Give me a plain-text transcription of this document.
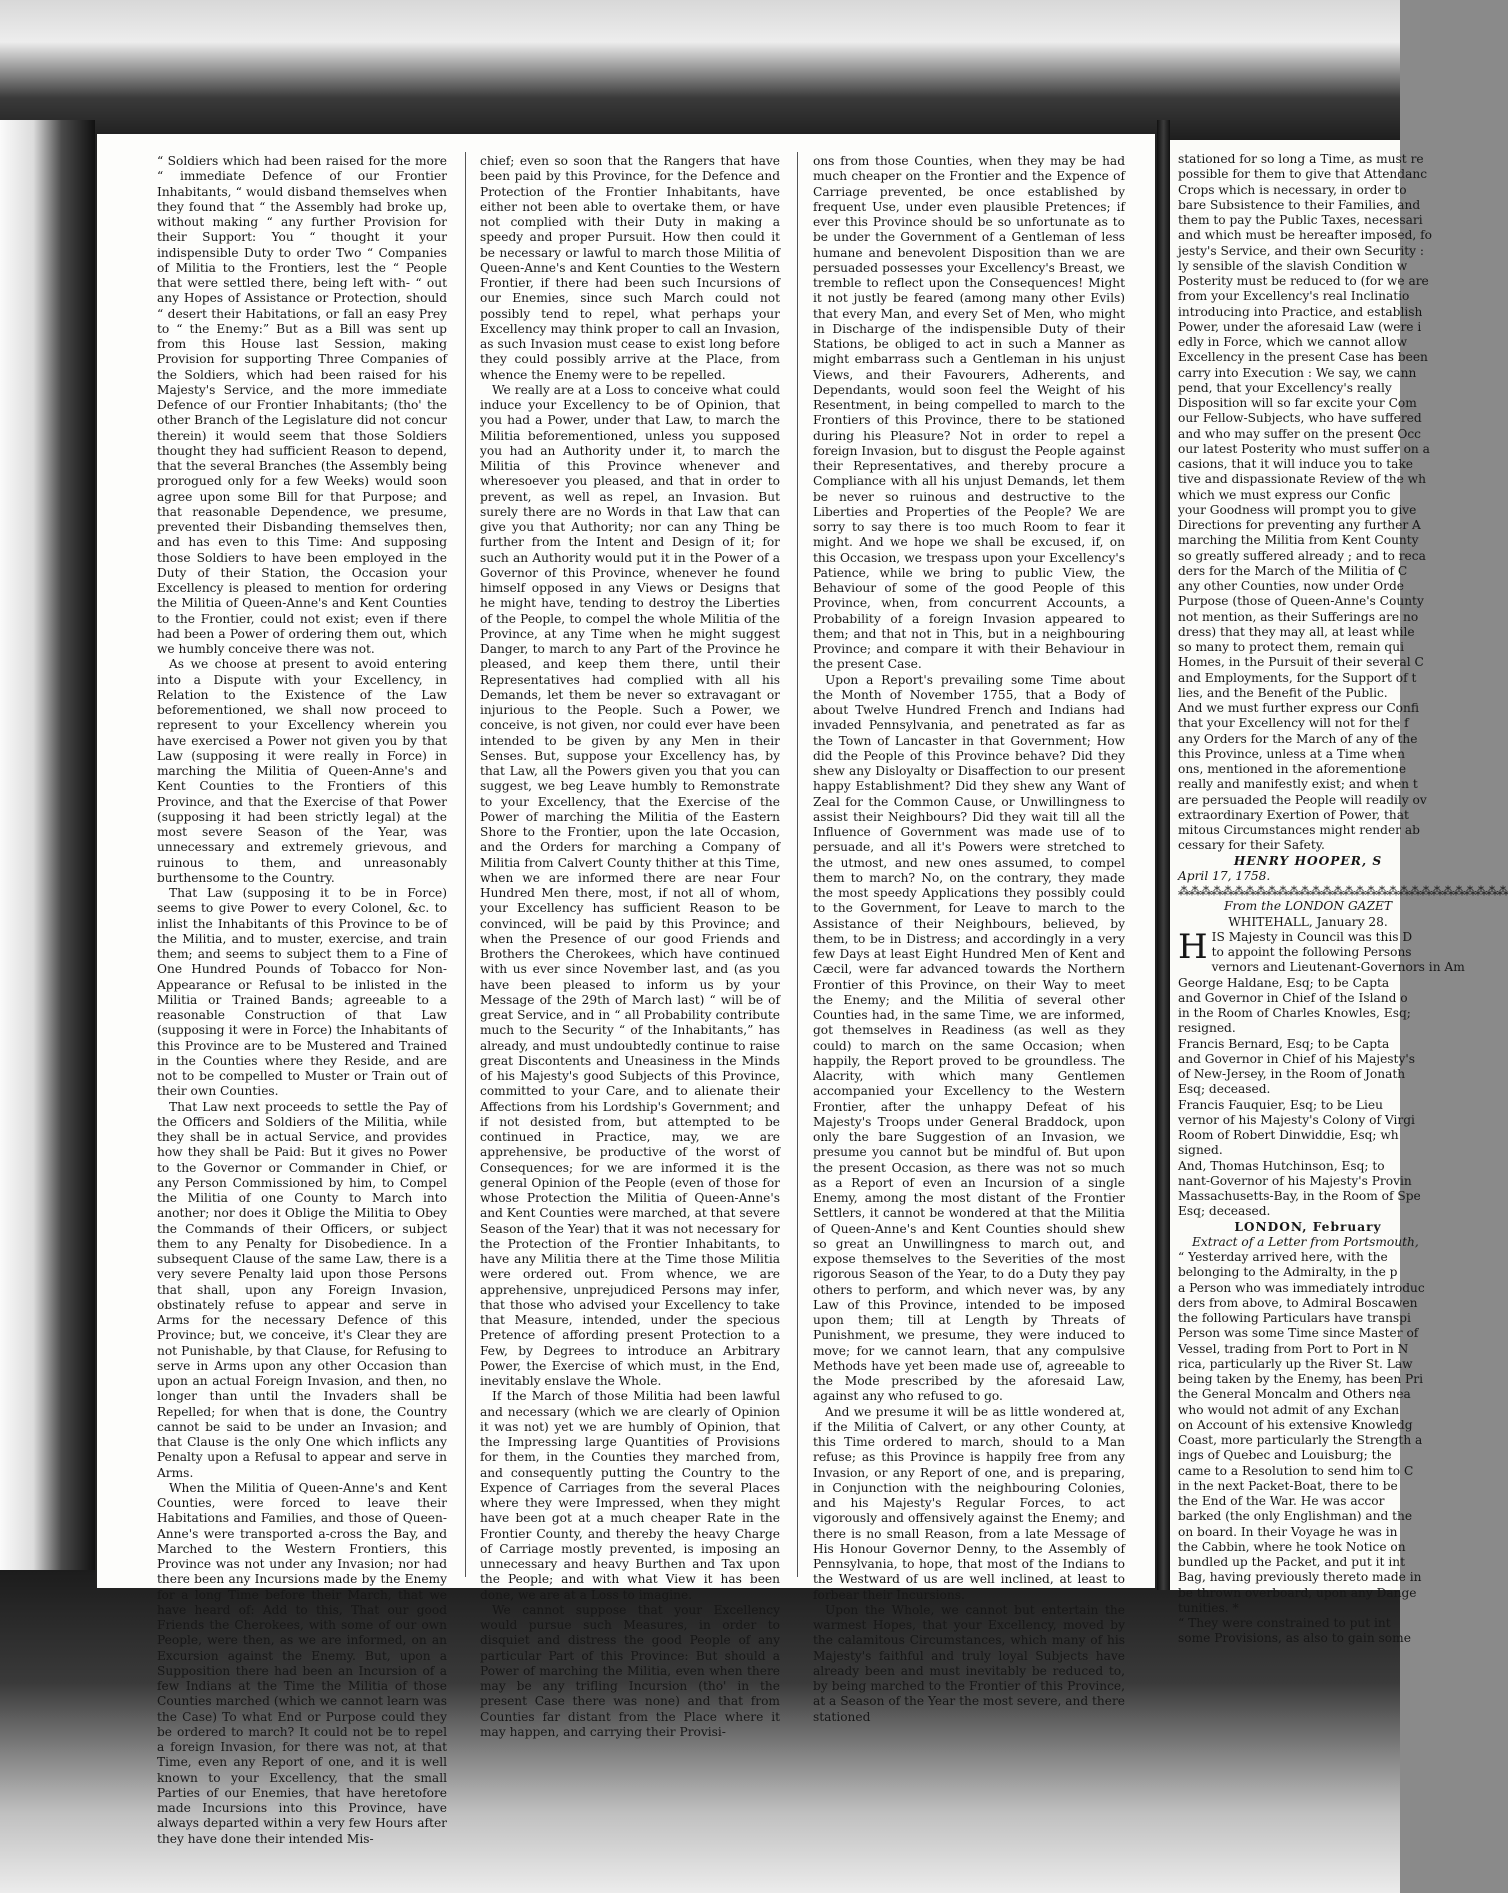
“ Soldiers which had been raised for the more “ immediate Defence of our Frontier Inhabitants, “ would disband themselves when they found that “ the Assembly had broke up, without making “ any further Provision for their Support: You “ thought it your indispensible Duty to order Two “ Companies of Militia to the Frontiers, lest the “ People that were settled there, being left with- “ out any Hopes of Assistance or Protection, should “ desert their Habitations, or fall an easy Prey to “ the Enemy:” But as a Bill was sent up from this House last Session, making Provision for supporting Three Companies of the Soldiers, which had been raised for his Majesty's Service, and the more immediate Defence of our Frontier Inhabitants; (tho' the other Branch of the Legislature did not concur therein) it would seem that those Soldiers thought they had sufficient Reason to depend, that the several Branches (the Assembly being prorogued only for a few Weeks) would soon agree upon some Bill for that Purpose; and that reasonable Dependence, we presume, prevented their Disbanding themselves then, and has even to this Time: And supposing those Soldiers to have been employed in the Duty of their Station, the Occasion your Excellency is pleased to mention for ordering the Militia of Queen-Anne's and Kent Counties to the Frontier, could not exist; even if there had been a Power of ordering them out, which we humbly conceive there was not.

As we choose at present to avoid entering into a Dispute with your Excellency, in Relation to the Existence of the Law beforementioned, we shall now proceed to represent to your Excellency wherein you have exercised a Power not given you by that Law (supposing it were really in Force) in marching the Militia of Queen-Anne's and Kent Counties to the Frontiers of this Province, and that the Exercise of that Power (supposing it had been strictly legal) at the most severe Season of the Year, was unnecessary and extremely grievous, and ruinous to them, and unreasonably burthensome to the Country.

That Law (supposing it to be in Force) seems to give Power to every Colonel, &c. to inlist the Inhabitants of this Province to be of the Militia, and to muster, exercise, and train them; and seems to subject them to a Fine of One Hundred Pounds of Tobacco for Non-Appearance or Refusal to be inlisted in the Militia or Trained Bands; agreeable to a reasonable Construction of that Law (supposing it were in Force) the Inhabitants of this Province are to be Mustered and Trained in the Counties where they Reside, and are not to be compelled to Muster or Train out of their own Counties.

That Law next proceeds to settle the Pay of the Officers and Soldiers of the Militia, while they shall be in actual Service, and provides how they shall be Paid: But it gives no Power to the Governor or Commander in Chief, or any Person Commissioned by him, to Compel the Militia of one County to March into another; nor does it Oblige the Militia to Obey the Commands of their Officers, or subject them to any Penalty for Disobedience. In a subsequent Clause of the same Law, there is a very severe Penalty laid upon those Persons that shall, upon any Foreign Invasion, obstinately refuse to appear and serve in Arms for the necessary Defence of this Province; but, we conceive, it's Clear they are not Punishable, by that Clause, for Refusing to serve in Arms upon any other Occasion than upon an actual Foreign Invasion, and then, no longer than until the Invaders shall be Repelled; for when that is done, the Country cannot be said to be under an Invasion; and that Clause is the only One which inflicts any Penalty upon a Refusal to appear and serve in Arms.

When the Militia of Queen-Anne's and Kent Counties, were forced to leave their Habitations and Families, and those of Queen-Anne's were transported a-cross the Bay, and Marched to the Western Frontiers, this Province was not under any Invasion; nor had there been any Incursions made by the Enemy for a long Time before their March, that we have heard of: Add to this, That our good Friends the Cherokees, with some of our own People, were then, as we are informed, on an Excursion against the Enemy. But, upon a Supposition there had been an Incursion of a few Indians at the Time the Militia of those Counties marched (which we cannot learn was the Case) To what End or Purpose could they be ordered to march? It could not be to repel a foreign Invasion, for there was not, at that Time, even any Report of one, and it is well known to your Excellency, that the small Parties of our Enemies, that have heretofore made Incursions into this Province, have always departed within a very few Hours after they have done their intended Mis-

chief; even so soon that the Rangers that have been paid by this Province, for the Defence and Protection of the Frontier Inhabitants, have either not been able to overtake them, or have not complied with their Duty in making a speedy and proper Pursuit. How then could it be necessary or lawful to march those Militia of Queen-Anne's and Kent Counties to the Western Frontier, if there had been such Incursions of our Enemies, since such March could not possibly tend to repel, what perhaps your Excellency may think proper to call an Invasion, as such Invasion must cease to exist long before they could possibly arrive at the Place, from whence the Enemy were to be repelled.

We really are at a Loss to conceive what could induce your Excellency to be of Opinion, that you had a Power, under that Law, to march the Militia beforementioned, unless you supposed you had an Authority under it, to march the Militia of this Province whenever and wheresoever you pleased, and that in order to prevent, as well as repel, an Invasion. But surely there are no Words in that Law that can give you that Authority; nor can any Thing be further from the Intent and Design of it; for such an Authority would put it in the Power of a Governor of this Province, whenever he found himself opposed in any Views or Designs that he might have, tending to destroy the Liberties of the People, to compel the whole Militia of the Province, at any Time when he might suggest Danger, to march to any Part of the Province he pleased, and keep them there, until their Representatives had complied with all his Demands, let them be never so extravagant or injurious to the People. Such a Power, we conceive, is not given, nor could ever have been intended to be given by any Men in their Senses. But, suppose your Excellency has, by that Law, all the Powers given you that you can suggest, we beg Leave humbly to Remonstrate to your Excellency, that the Exercise of the Power of marching the Militia of the Eastern Shore to the Frontier, upon the late Occasion, and the Orders for marching a Company of Militia from Calvert County thither at this Time, when we are informed there are near Four Hundred Men there, most, if not all of whom, your Excellency has sufficient Reason to be convinced, will be paid by this Province; and when the Presence of our good Friends and Brothers the Cherokees, which have continued with us ever since November last, and (as you have been pleased to inform us by your Message of the 29th of March last) “ will be of great Service, and in “ all Probability contribute much to the Security “ of the Inhabitants,” has already, and must undoubtedly continue to raise great Discontents and Uneasiness in the Minds of his Majesty's good Subjects of this Province, committed to your Care, and to alienate their Affections from his Lordship's Government; and if not desisted from, but attempted to be continued in Practice, may, we are apprehensive, be productive of the worst of Consequences; for we are informed it is the general Opinion of the People (even of those for whose Protection the Militia of Queen-Anne's and Kent Counties were marched, at that severe Season of the Year) that it was not necessary for the Protection of the Frontier Inhabitants, to have any Militia there at the Time those Militia were ordered out. From whence, we are apprehensive, unprejudiced Persons may infer, that those who advised your Excellency to take that Measure, intended, under the specious Pretence of affording present Protection to a Few, by Degrees to introduce an Arbitrary Power, the Exercise of which must, in the End, inevitably enslave the Whole.

If the March of those Militia had been lawful and necessary (which we are clearly of Opinion it was not) yet we are humbly of Opinion, that the Impressing large Quantities of Provisions for them, in the Counties they marched from, and consequently putting the Country to the Expence of Carriages from the several Places where they were Impressed, when they might have been got at a much cheaper Rate in the Frontier County, and thereby the heavy Charge of Carriage mostly prevented, is imposing an unnecessary and heavy Burthen and Tax upon the People; and with what View it has been done, we are at a Loss to imagine.

We cannot suppose that your Excellency would pursue such Measures, in order to disquiet and distress the good People of any particular Part of this Province: But should a Power of marching the Militia, even when there may be any trifling Incursion (tho' in the present Case there was none) and that from Counties far distant from the Place where it may happen, and carrying their Provisi-

ons from those Counties, when they may be had much cheaper on the Frontier and the Expence of Carriage prevented, be once established by frequent Use, under even plausible Pretences; if ever this Province should be so unfortunate as to be under the Government of a Gentleman of less humane and benevolent Disposition than we are persuaded possesses your Excellency's Breast, we tremble to reflect upon the Consequences! Might it not justly be feared (among many other Evils) that every Man, and every Set of Men, who might in Discharge of the indispensible Duty of their Stations, be obliged to act in such a Manner as might embarrass such a Gentleman in his unjust Views, and their Favourers, Adherents, and Dependants, would soon feel the Weight of his Resentment, in being compelled to march to the Frontiers of this Province, there to be stationed during his Pleasure? Not in order to repel a foreign Invasion, but to disgust the People against their Representatives, and thereby procure a Compliance with all his unjust Demands, let them be never so ruinous and destructive to the Liberties and Properties of the People? We are sorry to say there is too much Room to fear it might. And we hope we shall be excused, if, on this Occasion, we trespass upon your Excellency's Patience, while we bring to public View, the Behaviour of some of the good People of this Province, when, from concurrent Accounts, a Probability of a foreign Invasion appeared to them; and that not in This, but in a neighbouring Province; and compare it with their Behaviour in the present Case.

Upon a Report's prevailing some Time about the Month of November 1755, that a Body of about Twelve Hundred French and Indians had invaded Pennsylvania, and penetrated as far as the Town of Lancaster in that Government; How did the People of this Province behave? Did they shew any Disloyalty or Disaffection to our present happy Establishment? Did they shew any Want of Zeal for the Common Cause, or Unwillingness to assist their Neighbours? Did they wait till all the Influence of Government was made use of to persuade, and all it's Powers were stretched to the utmost, and new ones assumed, to compel them to march? No, on the contrary, they made the most speedy Applications they possibly could to the Government, for Leave to march to the Assistance of their Neighbours, believed, by them, to be in Distress; and accordingly in a very few Days at least Eight Hundred Men of Kent and Cæcil, were far advanced towards the Northern Frontier of this Province, on their Way to meet the Enemy; and the Militia of several other Counties had, in the same Time, we are informed, got themselves in Readiness (as well as they could) to march on the same Occasion; when happily, the Report proved to be groundless. The Alacrity, with which many Gentlemen accompanied your Excellency to the Western Frontier, after the unhappy Defeat of his Majesty's Troops under General Braddock, upon only the bare Suggestion of an Invasion, we presume you cannot but be mindful of. But upon the present Occasion, as there was not so much as a Report of even an Incursion of a single Enemy, among the most distant of the Frontier Settlers, it cannot be wondered at that the Militia of Queen-Anne's and Kent Counties should shew so great an Unwillingness to march out, and expose themselves to the Severities of the most rigorous Season of the Year, to do a Duty they pay others to perform, and which never was, by any Law of this Province, intended to be imposed upon them; till at Length by Threats of Punishment, we presume, they were induced to move; for we cannot learn, that any compulsive Methods have yet been made use of, agreeable to the Mode prescribed by the aforesaid Law, against any who refused to go.

And we presume it will be as little wondered at, if the Militia of Calvert, or any other County, at this Time ordered to march, should to a Man refuse; as this Province is happily free from any Invasion, or any Report of one, and is preparing, in Conjunction with the neighbouring Colonies, and his Majesty's Regular Forces, to act vigorously and offensively against the Enemy; and there is no small Reason, from a late Message of His Honour Governor Denny, to the Assembly of Pennsylvania, to hope, that most of the Indians to the Westward of us are well inclined, at least to forbear their Incursions.

Upon the Whole, we cannot but entertain the warmest Hopes, that your Excellency, moved by the calamitous Circumstances, which many of his Majesty's faithful and truly loyal Subjects have already been and must inevitably be reduced to, by being marched to the Frontier of this Province, at a Season of the Year the most severe, and there stationed

stationed for so long a Time, as must re
possible for them to give that Attendanc
Crops which is necessary, in order to
bare Subsistence to their Families, and
them to pay the Public Taxes, necessari
and which must be hereafter imposed, fo
jesty's Service, and their own Security :
ly sensible of the slavish Condition w
Posterity must be reduced to (for we are
from your Excellency's real Inclinatio
introducing into Practice, and establish
Power, under the aforesaid Law (were i
edly in Force, which we cannot allow
Excellency in the present Case has been
carry into Execution : We say, we cann
pend, that your Excellency's really
Disposition will so far excite your Com
our Fellow-Subjects, who have suffered
and who may suffer on the present Occ
our latest Posterity who must suffer on a
casions, that it will induce you to take
tive and dispassionate Review of the wh
which we must express our Confic
your Goodness will prompt you to give
Directions for preventing any further A
marching the Militia from Kent County
so greatly suffered already ; and to reca
ders for the March of the Militia of C
any other Counties, now under Orde
Purpose (those of Queen-Anne's County
not mention, as their Sufferings are no
dress) that they may all, at least while
so many to protect them, remain qui
Homes, in the Pursuit of their several C
and Employments, for the Support of t
lies, and the Benefit of the Public.
And we must further express our Confi
that your Excellency will not for the f
any Orders for the March of any of the
this Province, unless at a Time when
ons, mentioned in the aforementione
really and manifestly exist; and when t
are persuaded the People will readily ov
extraordinary Exertion of Power, that
mitous Circumstances might render ab
cessary for their Safety.

HENRY HOOPER, S

April 17, 1758.

⁂⁂⁂⁂⁂⁂⁂⁂⁂⁂⁂⁂⁂⁂⁂⁂⁂⁂⁂⁂⁂⁂⁂⁂⁂⁂⁂⁂⁂⁂

From the LONDON GAZET

WHITEHALL, January 28.

H IS Majesty in Council was this D
to appoint the following Persons
vernors and Lieutenant-Governors in Am
George Haldane, Esq; to be Capta
and Governor in Chief of the Island o
in the Room of Charles Knowles, Esq;
resigned.
Francis Bernard, Esq; to be Capta
and Governor in Chief of his Majesty's
of New-Jersey, in the Room of Jonath
Esq; deceased.
Francis Fauquier, Esq; to be Lieu
vernor of his Majesty's Colony of Virgi
Room of Robert Dinwiddie, Esq; wh
signed.
And, Thomas Hutchinson, Esq; to
nant-Governor of his Majesty's Provin
Massachusetts-Bay, in the Room of Spe
Esq; deceased.

LONDON, February

Extract of a Letter from Portsmouth,

“ Yesterday arrived here, with the
belonging to the Admiralty, in the p
a Person who was immediately introduc
ders from above, to Admiral Boscawen
the following Particulars have transpi
Person was some Time since Master of
Vessel, trading from Port to Port in N
rica, particularly up the River St. Law
being taken by the Enemy, has been Pri
the General Moncalm and Others nea
who would not admit of any Exchan
on Account of his extensive Knowledg
Coast, more particularly the Strength a
ings of Quebec and Louisburg; the
came to a Resolution to send him to C
in the next Packet-Boat, there to be
the End of the War. He was accor
barked (the only Englishman) and the
on board. In their Voyage he was in
the Cabbin, where he took Notice on
bundled up the Packet, and put it int
Bag, having previously thereto made in
be thrown overboard, upon any Dange
tunities. *
“ They were constrained to put int
some Provisions, as also to gain some
